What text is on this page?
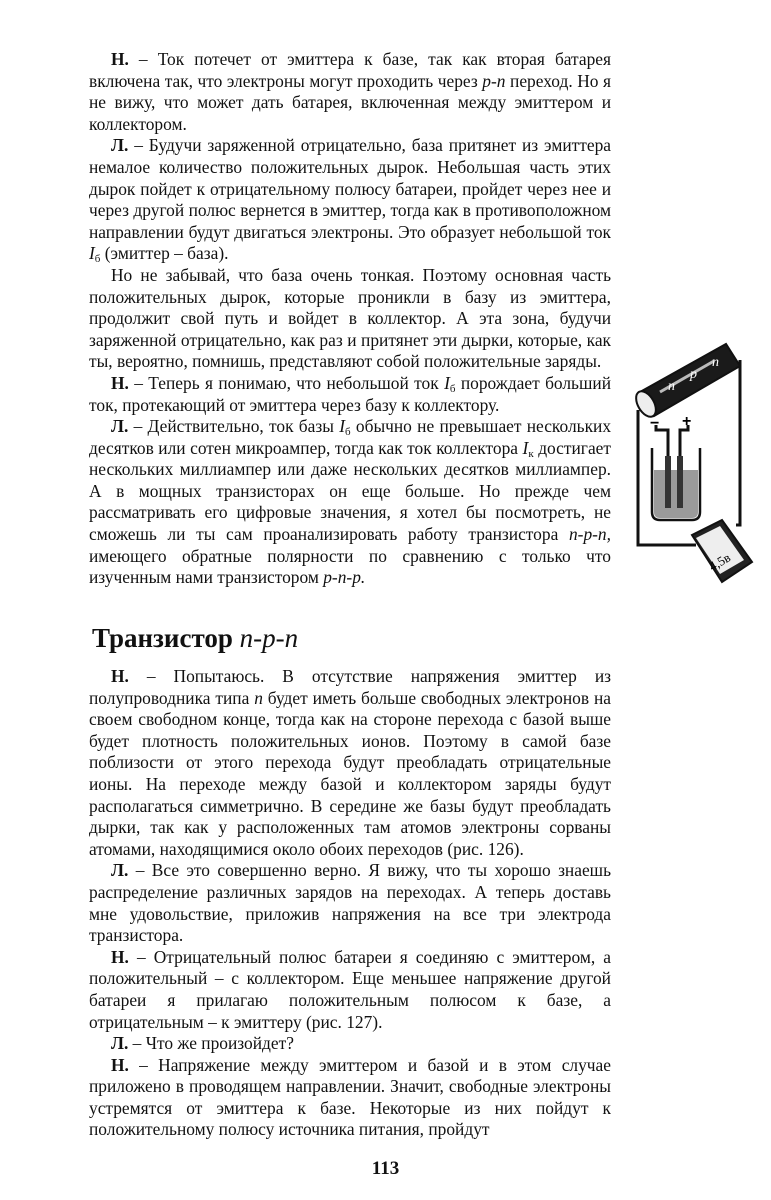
Н. – Ток потечет от эмиттера к базе, так как вторая батарея включена так, что электроны могут проходить через p-n переход. Но я не вижу, что может дать батарея, включенная между эмиттером и коллектором.

Л. – Будучи заряженной отрицательно, база притянет из эмиттера немалое количество положительных дырок. Небольшая часть этих дырок пойдет к отрицательному полюсу батареи, пройдет через нее и через другой полюс вернется в эмиттер, тогда как в противоположном направлении будут двигаться электроны. Это образует небольшой ток $I_б$ (эмиттер – база).

Но не забывай, что база очень тонкая. Поэтому основная часть положительных дырок, которые проникли в базу из эмиттера, продолжит свой путь и войдет в коллектор. А эта зона, будучи заряженной отрицательно, как раз и притянет эти дырки, которые, как ты, вероятно, помнишь, представляют собой положительные заряды.

Н. – Теперь я понимаю, что небольшой ток $I_б$ порождает больший ток, протекающий от эмиттера через базу к коллектору.

Л. – Действительно, ток базы $I_б$ обычно не превышает нескольких десятков или сотен микроампер, тогда как ток коллектора $I_к$ достигает нескольких миллиампер или даже нескольких десятков миллиампер. А в мощных транзисторах он еще больше. Но прежде чем рассматривать его цифровые значения, я хотел бы посмотреть, не сможешь ли ты сам проанализировать работу транзистора n-p-n, имеющего обратные полярности по сравнению с только что изученным нами транзистором p-n-p.

n
p
n
− +
4,5в
Транзистор n-p-n

Н. – Попытаюсь. В отсутствие напряжения эмиттер из полупроводника типа n будет иметь больше свободных электронов на своем свободном конце, тогда как на стороне перехода с базой выше будет плотность положительных ионов. Поэтому в самой базе поблизости от этого перехода будут преобладать отрицательные ионы. На переходе между базой и коллектором заряды будут располагаться симметрично. В середине же базы будут преобладать дырки, так как у расположенных там атомов электроны сорваны атомами, находящимися около обоих переходов (рис. 126).

Л. – Все это совершенно верно. Я вижу, что ты хорошо знаешь распределение различных зарядов на переходах. А теперь доставь мне удовольствие, приложив напряжения на все три электрода транзистора.

Н. – Отрицательный полюс батареи я соединяю с эмиттером, а положительный – с коллектором. Еще меньшее напряжение другой батареи я прилагаю положительным полюсом к базе, а отрицательным – к эмиттеру (рис. 127).

Л. – Что же произойдет?

Н. – Напряжение между эмиттером и базой и в этом случае приложено в проводящем направлении. Значит, свободные электроны устремятся от эмиттера к базе. Некоторые из них пойдут к положительному полюсу источника питания, пройдут

113
